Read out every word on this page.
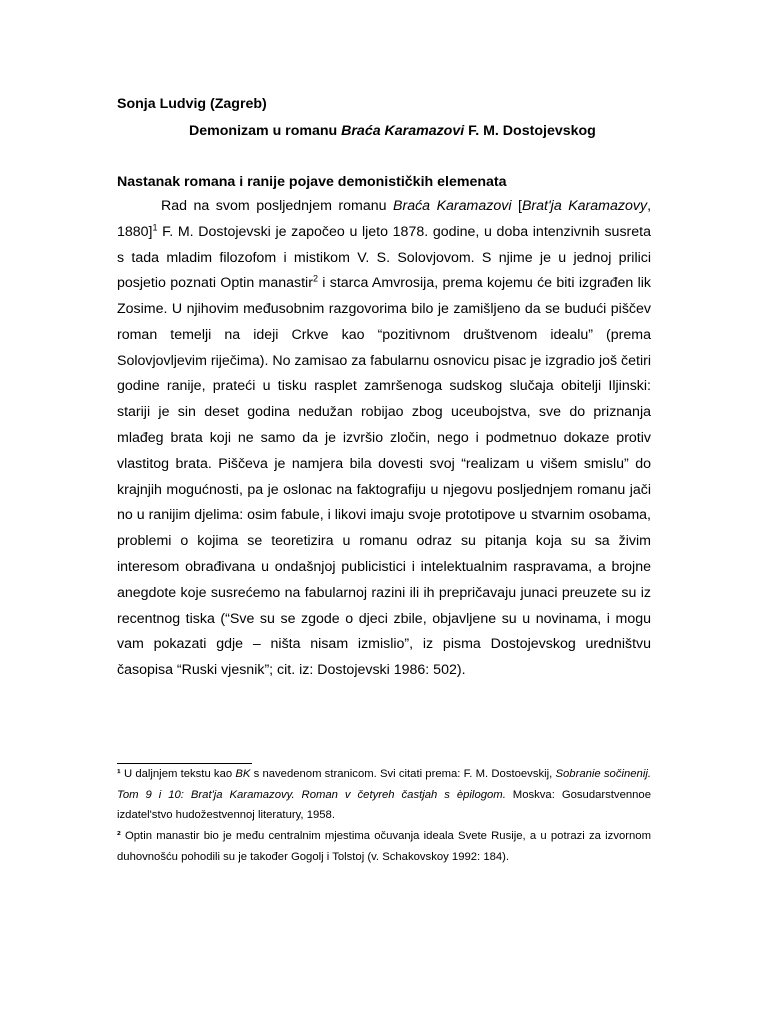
Sonja Ludvig (Zagreb)
Demonizam u romanu Braća Karamazovi F. M. Dostojevskog
Nastanak romana i ranije pojave demonističkih elemenata

Rad na svom posljednjem romanu Braća Karamazovi [Brat'ja Karamazovy, 1880]$^1$ F. M. Dostojevski je započeo u ljeto 1878. godine, u doba intenzivnih susreta s tada mladim filozofom i mistikom V. S. Solovjovom. S njime je u jednoj prilici posjetio poznati Optin manastir$^2$ i starca Amvrosija, prema kojemu će biti izgrađen lik Zosime. U njihovim međusobnim razgovorima bilo je zamišljeno da se budući piščev roman temelji na ideji Crkve kao “pozitivnom društvenom idealu” (prema Solovjovljevim riječima). No zamisao za fabularnu osnovicu pisac je izgradio još četiri godine ranije, prateći u tisku rasplet zamršenoga sudskog slučaja obitelji Iljinski: stariji je sin deset godina nedužan robijao zbog uceubojstva, sve do priznanja mlađeg brata koji ne samo da je izvršio zločin, nego i podmetnuo dokaze protiv vlastitog brata. Piščeva je namjera bila dovesti svoj “realizam u višem smislu” do krajnjih mogućnosti, pa je oslonac na faktografiju u njegovu posljednjem romanu jači no u ranijim djelima: osim fabule, i likovi imaju svoje prototipove u stvarnim osobama, problemi o kojima se teoretizira u romanu odraz su pitanja koja su sa živim interesom obrađivana u ondašnjoj publicistici i intelektualnim raspravama, a brojne anegdote koje susrećemo na fabularnoj razini ili ih prepričavaju junaci preuzete su iz recentnog tiska (“Sve su se zgode o djeci zbile, objavljene su u novinama, i mogu vam pokazati gdje – ništa nisam izmislio”, iz pisma Dostojevskog uredništvu časopisa “Ruski vjesnik”; cit. iz: Dostojevski 1986: 502).

¹ U daljnjem tekstu kao BK s navedenom stranicom. Svi citati prema: F. M. Dostoevskij, Sobranie sočinenij. Tom 9 i 10: Brat'ja Karamazovy. Roman v četyreh častjah s èpilogom. Moskva: Gosudarstvennoe izdatel'stvo hudožestvennoj literatury, 1958.

² Optin manastir bio je među centralnim mjestima očuvanja ideala Svete Rusije, a u potrazi za izvornom duhovnošću pohodili su je također Gogolj i Tolstoj (v. Schakovskoy 1992: 184).
